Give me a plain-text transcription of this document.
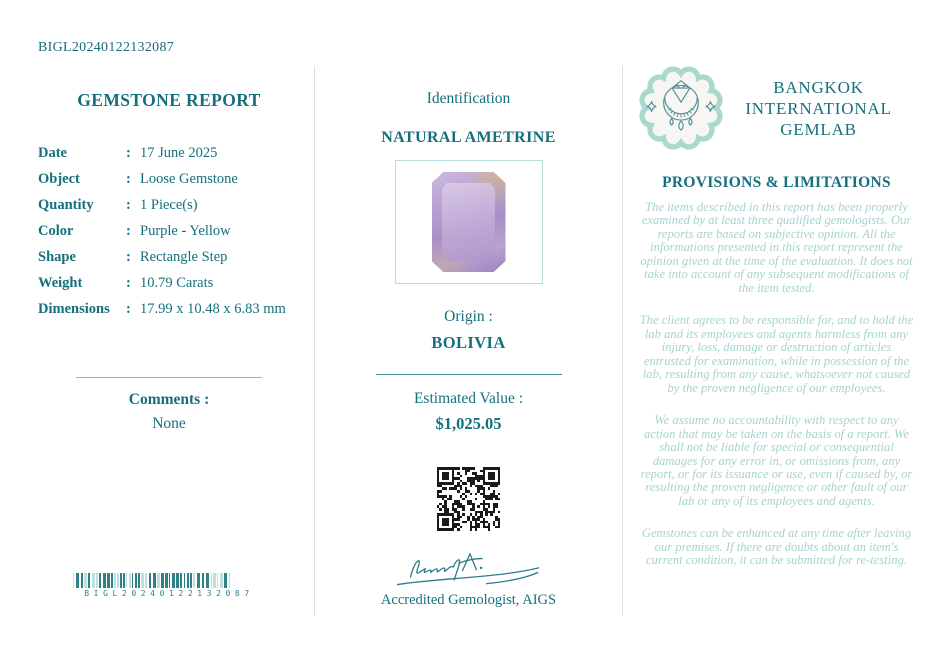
BIGL20240122132087
GEMSTONE REPORT
Date	: 17 June 2025
Object	: Loose Gemstone
Quantity	: 1 Piece(s)
Color	: Purple - Yellow
Shape	: Rectangle Step
Weight	: 10.79 Carats
Dimensions	: 17.99 x 10.48 x 6.83 mm
Comments :
None
BIGL20240122132087
Identification
NATURAL AMETRINE
Origin :
BOLIVIA
Estimated Value :
$1,025.05
Accredited Gemologist, AIGS
BANGKOK
INTERNATIONAL
GEMLAB
PROVISIONS & LIMITATIONS

The items described in this report has been properly examined by at least three qualified gemologists. Our reports are based on subjective opinion. All the informations presented in this report represent the opinion given at the time of the evaluation. It does not take into account of any subsequent modifications of the item tested.

The client agrees to be responsible for, and to hold the lab and its employees and agents harmless from any injury, loss, damage or destruction of articles entrusted for examination, while in possession of the lab, resulting from any cause, whatsoever not caused by the proven negligence of our employees.

We assume no accountability with respect to any action that may be taken on the basis of a report. We shall not be liable for special or consequential damages for any error in, or omissions from, any report, or for its issuance or use, even if caused by, or resulting the proven negligence or other fault of our lab or any of its employees and agents.

Gemstones can be enhanced at any time after leaving our premises. If there are doubts about an item's current condition, it can be submitted for re-testing.
